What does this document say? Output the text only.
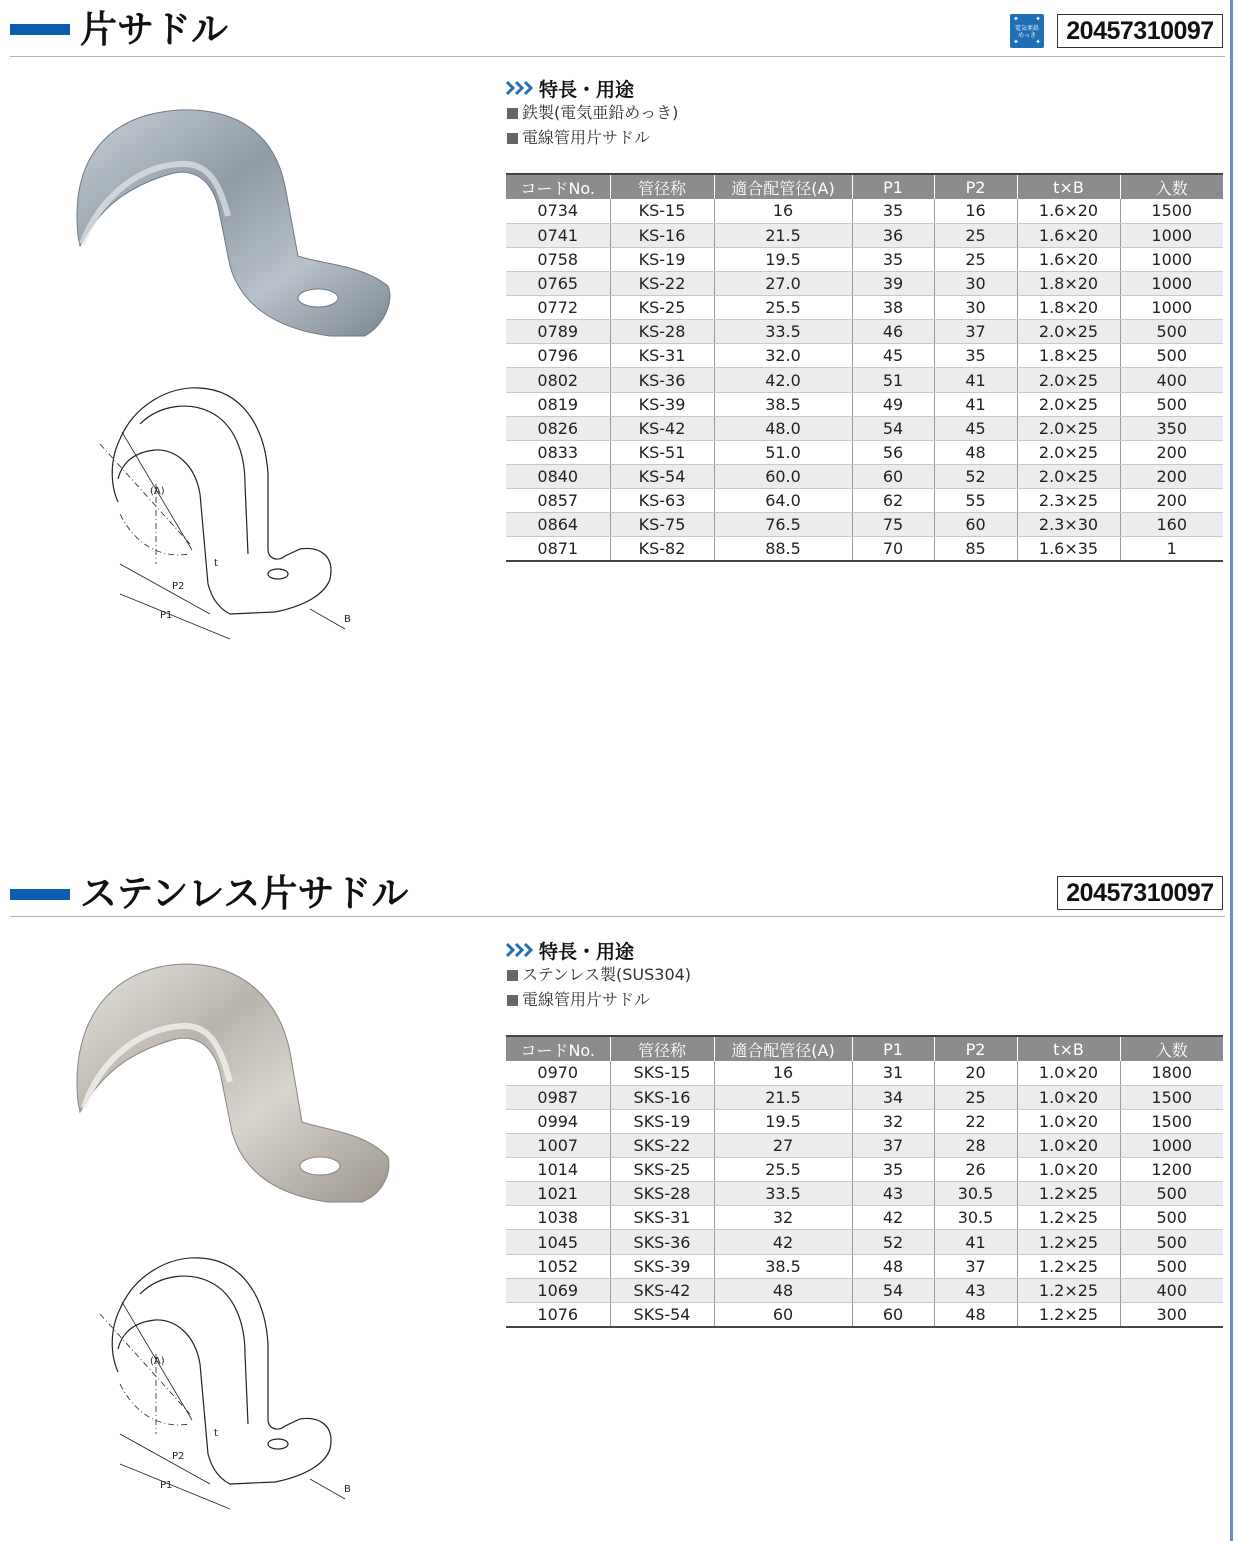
片サドル	✦ ✦
✦ ✦
電気亜鉛
めっき	20457310097
(A)
t
P2
P1	B
特長・用途
鉄製(電気亜鉛めっき)
電線管用片サドル
コードNo.	管径称	適合配管径(A)	P1	P2	t×B	入数
0734	KS-15	16	35	16	1.6×20	1500
0741	KS-16	21.5	36	25	1.6×20	1000
0758	KS-19	19.5	35	25	1.6×20	1000
0765	KS-22	27.0	39	30	1.8×20	1000
0772	KS-25	25.5	38	30	1.8×20	1000
0789	KS-28	33.5	46	37	2.0×25	500
0796	KS-31	32.0	45	35	1.8×25	500
0802	KS-36	42.0	51	41	2.0×25	400
0819	KS-39	38.5	49	41	2.0×25	500
0826	KS-42	48.0	54	45	2.0×25	350
0833	KS-51	51.0	56	48	2.0×25	200
0840	KS-54	60.0	60	52	2.0×25	200
0857	KS-63	64.0	62	55	2.3×25	200
0864	KS-75	76.5	75	60	2.3×30	160
0871	KS-82	88.5	70	85	1.6×35	1
ステンレス片サドル	20457310097
(A)
t
P2
P1	B
特長・用途
ステンレス製(SUS304)
電線管用片サドル
コードNo.	管径称	適合配管径(A)	P1	P2	t×B	入数
0970	SKS-15	16	31	20	1.0×20	1800
0987	SKS-16	21.5	34	25	1.0×20	1500
0994	SKS-19	19.5	32	22	1.0×20	1500
1007	SKS-22	27	37	28	1.0×20	1000
1014	SKS-25	25.5	35	26	1.0×20	1200
1021	SKS-28	33.5	43	30.5	1.2×25	500
1038	SKS-31	32	42	30.5	1.2×25	500
1045	SKS-36	42	52	41	1.2×25	500
1052	SKS-39	38.5	48	37	1.2×25	500
1069	SKS-42	48	54	43	1.2×25	400
1076	SKS-54	60	60	48	1.2×25	300
